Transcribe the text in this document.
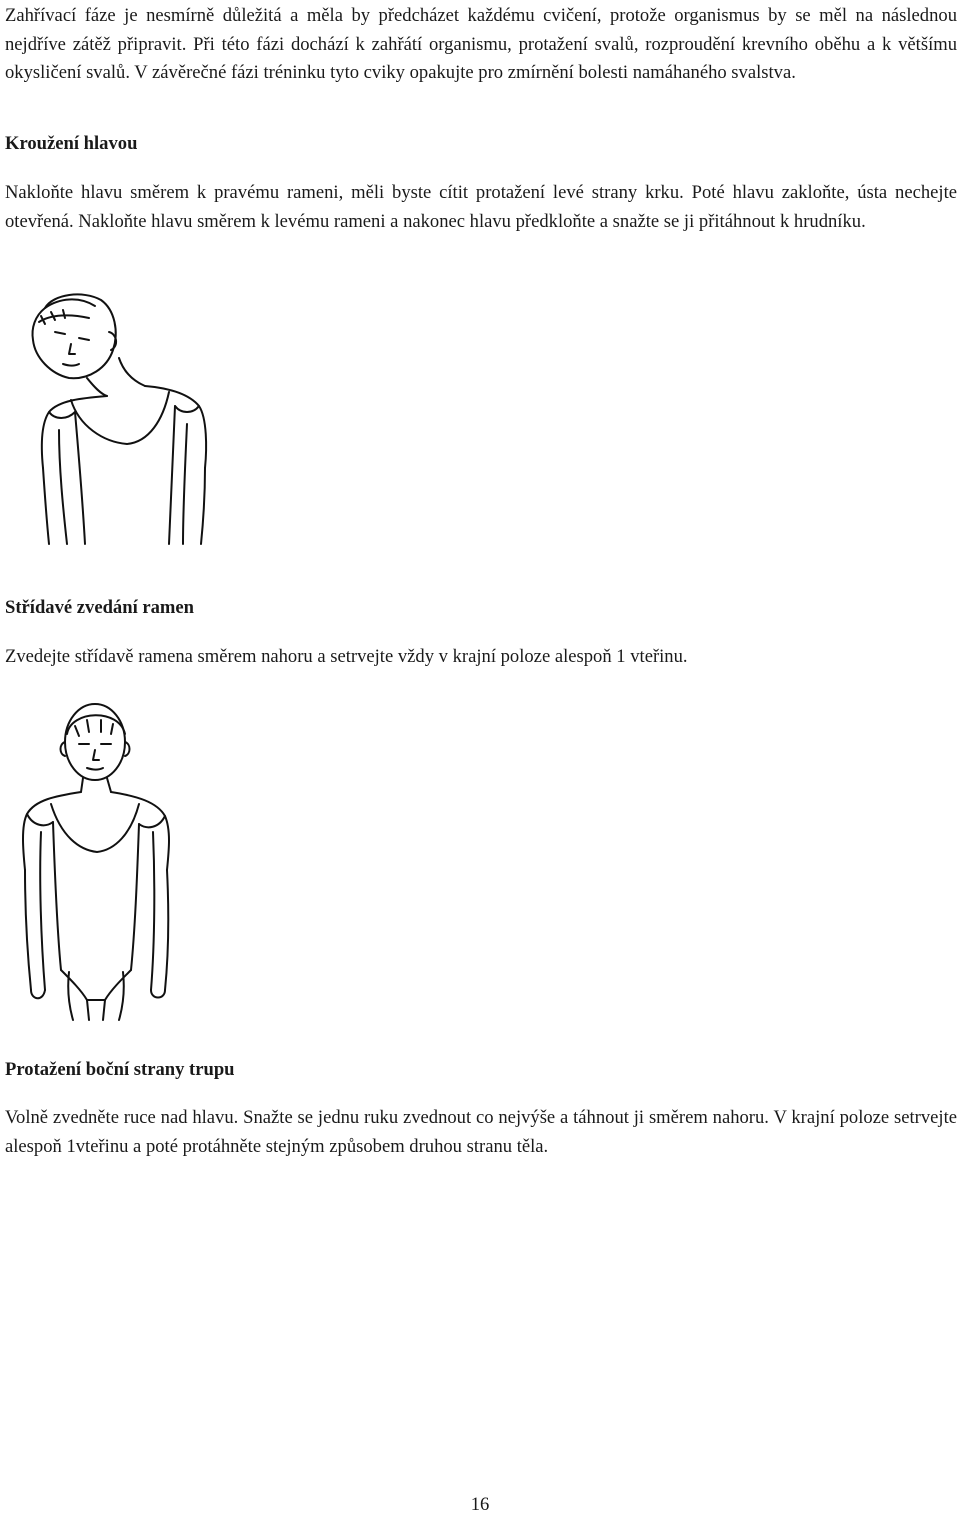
Zahřívací fáze je nesmírně důležitá a měla by předcházet každému cvičení, protože organismus by se měl na následnou nejdříve zátěž připravit. Při této fázi dochází k zahřátí organismu, protažení svalů, rozproudění krevního oběhu a k většímu okysličení svalů. V závěrečné fázi tréninku tyto cviky opakujte pro zmírnění bolesti namáhaného svalstva.

Kroužení hlavou

Nakloňte hlavu směrem k pravému rameni, měli byste cítit protažení levé strany krku. Poté hlavu zakloňte, ústa nechejte otevřená. Nakloňte hlavu směrem k levému rameni a nakonec hlavu předkloňte a snažte se ji přitáhnout k hrudníku.

Střídavé zvedání ramen

Zvedejte střídavě ramena směrem nahoru a setrvejte vždy v krajní poloze alespoň 1 vteřinu.

Protažení boční strany trupu

Volně zvedněte ruce nad hlavu. Snažte se jednu ruku zvednout co nejvýše a táhnout ji směrem nahoru. V krajní poloze setrvejte alespoň 1vteřinu a poté protáhněte stejným způsobem druhou stranu těla.

16
